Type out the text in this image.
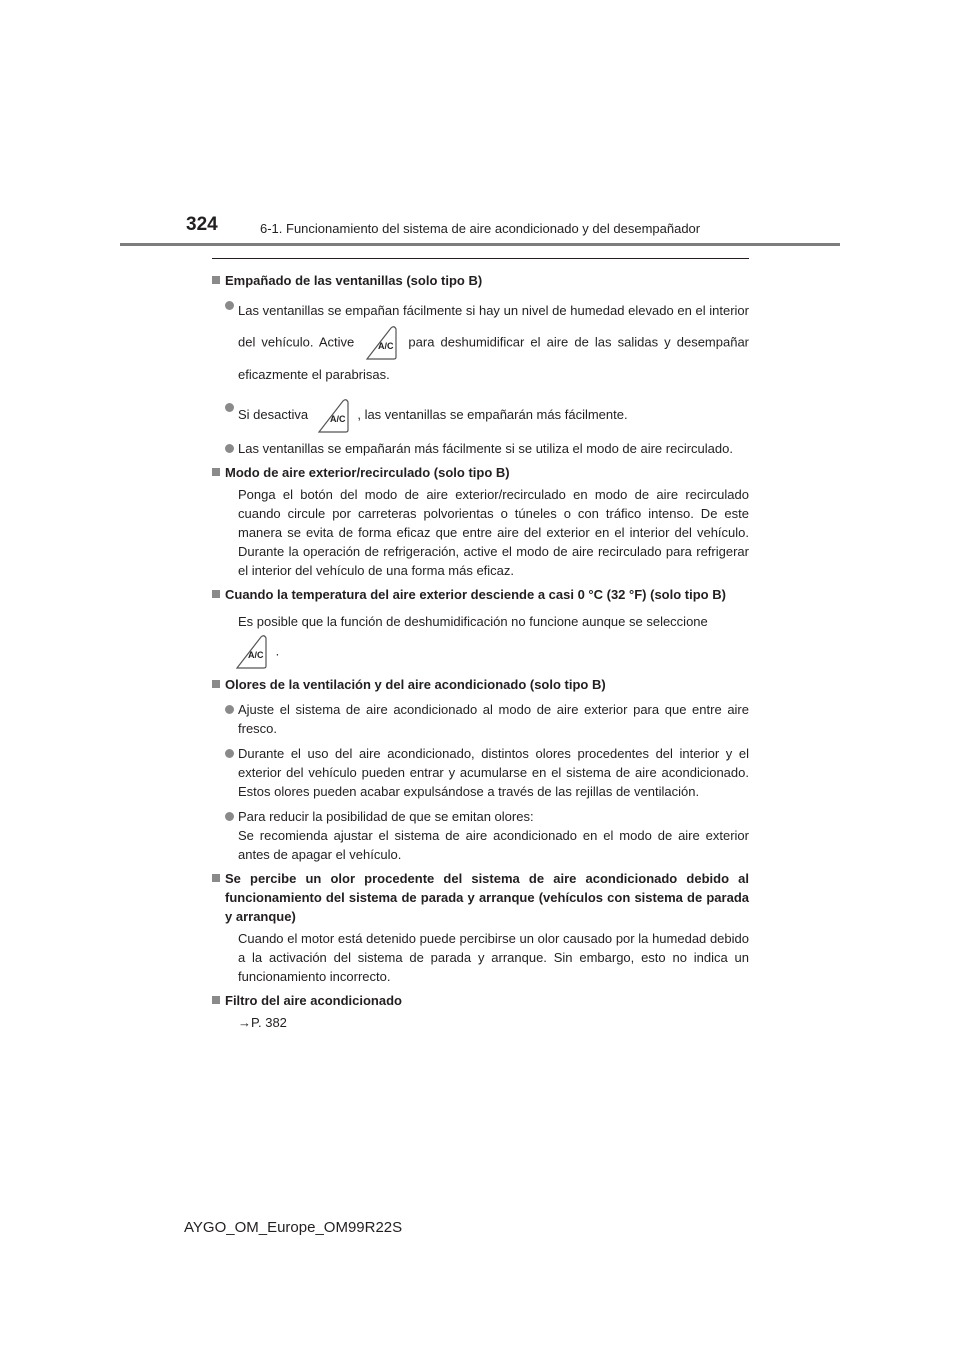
324	6-1. Funcionamiento del sistema de aire acondicionado y del desempañador
Empañado de las ventanillas (solo tipo B)
Las ventanillas se empañan fácilmente si hay un nivel de humedad elevado en el interior del vehículo. Active	A/C para deshumidificar el aire de las salidas y desempañar eficazmente el parabrisas.
Si desactiva A/C , las ventanillas se empañarán más fácilmente.
Las ventanillas se empañarán más fácilmente si se utiliza el modo de aire recirculado.
Modo de aire exterior/recirculado (solo tipo B)
Ponga el botón del modo de aire exterior/recirculado en modo de aire recirculado cuando circule por carreteras polvorientas o túneles o con tráfico intenso. De este manera se evita de forma eficaz que entre aire del exterior en el interior del vehículo. Durante la operación de refrigeración, active el modo de aire recirculado para refrigerar el interior del vehículo de una forma más eficaz.
Cuando la temperatura del aire exterior desciende a casi 0 °C (32 °F) (solo tipo B)
Es posible que la función de deshumidificación no funcione aunque se seleccione
A/C .
Olores de la ventilación y del aire acondicionado (solo tipo B)
Ajuste el sistema de aire acondicionado al modo de aire exterior para que entre aire fresco.
Durante el uso del aire acondicionado, distintos olores procedentes del interior y el exterior del vehículo pueden entrar y acumularse en el sistema de aire acondicionado. Estos olores pueden acabar expulsándose a través de las rejillas de ventilación.
Para reducir la posibilidad de que se emitan olores:
Se recomienda ajustar el sistema de aire acondicionado en el modo de aire exterior antes de apagar el vehículo.
Se percibe un olor procedente del sistema de aire acondicionado debido al funcionamiento del sistema de parada y arranque (vehículos con sistema de parada y arranque)
Cuando el motor está detenido puede percibirse un olor causado por la humedad debido a la activación del sistema de parada y arranque. Sin embargo, esto no indica un funcionamiento incorrecto.
Filtro del aire acondicionado
→P. 382
AYGO_OM_Europe_OM99R22S
